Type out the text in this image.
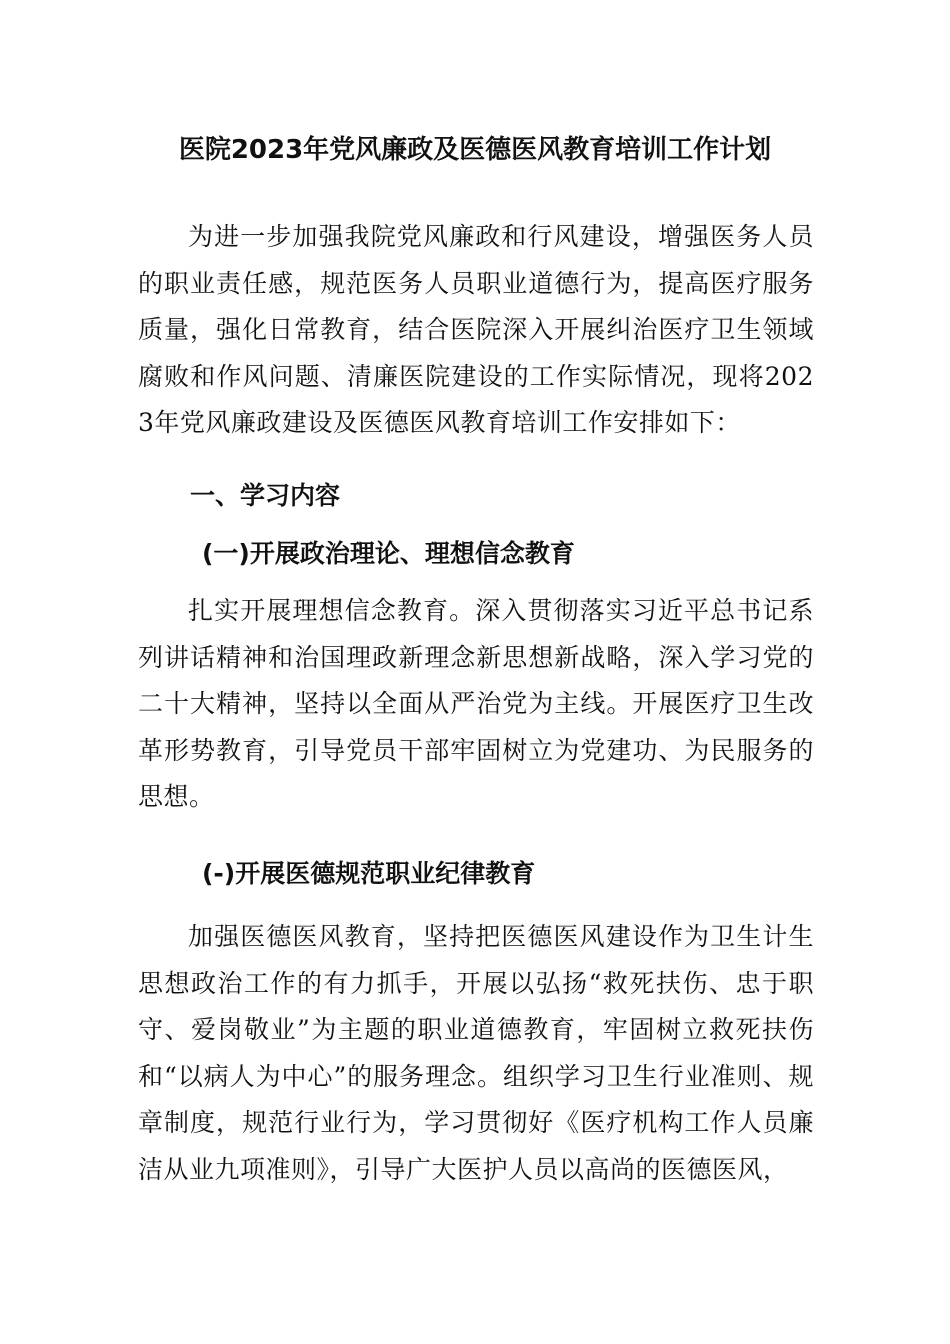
医院2023年党风廉政及医德医风教育培训工作计划

为进一步加强我院党风廉政和行风建设，增强医务人员的职业责任感，规范医务人员职业道德行为，提高医疗服务质量，强化日常教育，结合医院深入开展纠治医疗卫生领域腐败和作风问题、清廉医院建设的工作实际情况，现将2023年党风廉政建设及医德医风教育培训工作安排如下：

一、学习内容
(一)开展政治理论、理想信念教育

扎实开展理想信念教育。深入贯彻落实习近平总书记系列讲话精神和治国理政新理念新思想新战略，深入学习党的二十大精神，坚持以全面从严治党为主线。开展医疗卫生改革形势教育，引导党员干部牢固树立为党建功、为民服务的思想。

(-)开展医德规范职业纪律教育

加强医德医风教育，坚持把医德医风建设作为卫生计生思想政治工作的有力抓手，开展以弘扬“救死扶伤、忠于职守、爱岗敬业”为主题的职业道德教育，牢固树立救死扶伤和“以病人为中心”的服务理念。组织学习卫生行业准则、规章制度，规范行业行为，学习贯彻好《医疗机构工作人员廉洁从业九项准则》，引导广大医护人员以高尚的医德医风，
